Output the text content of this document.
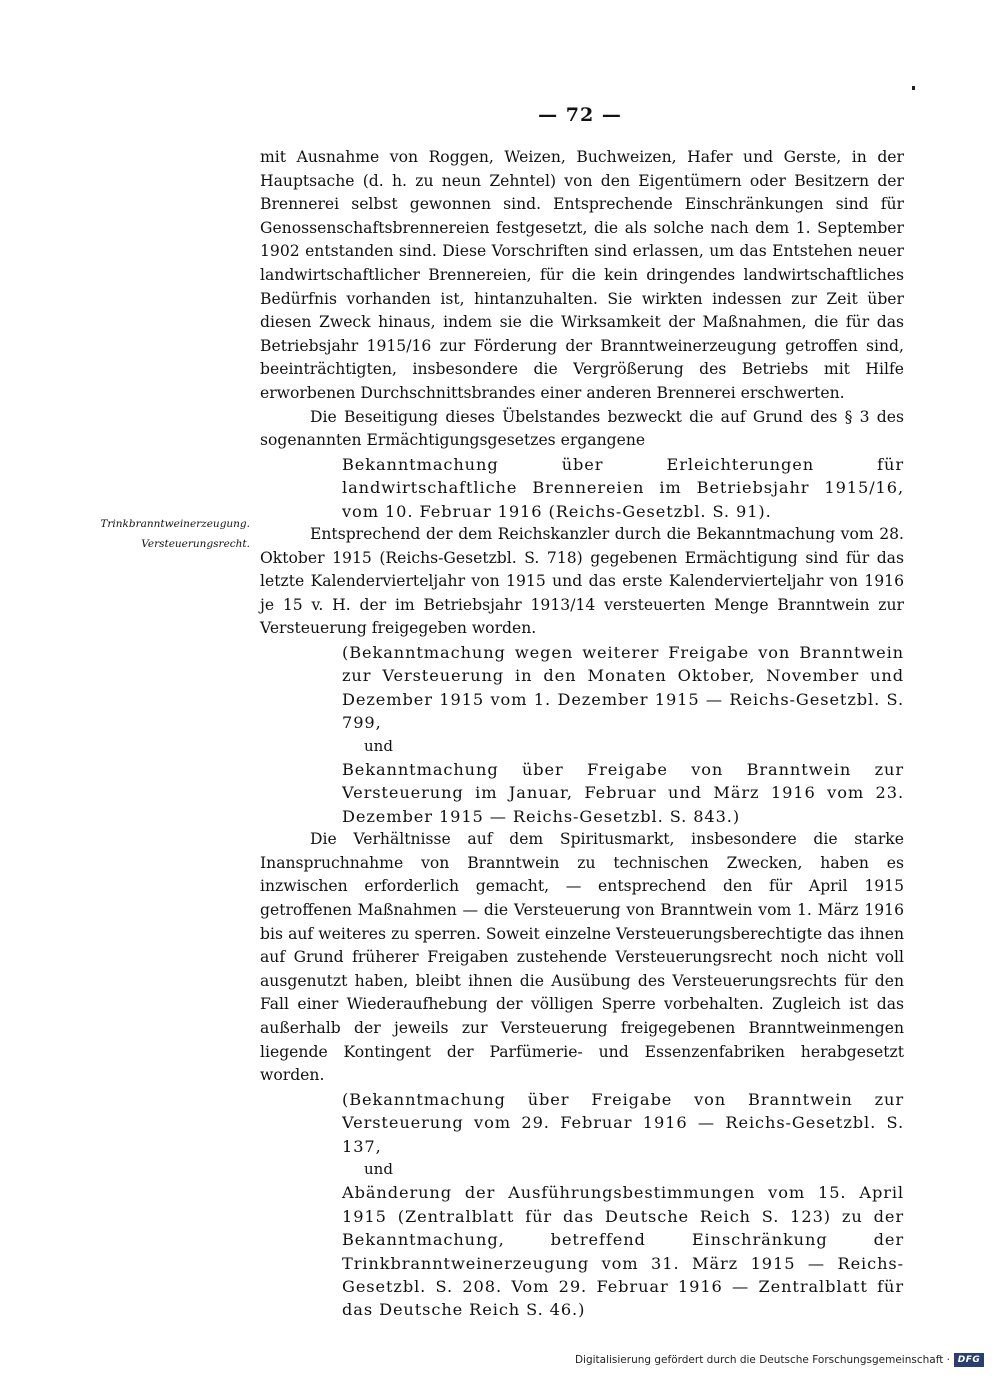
— 72 —
Trinkbranntweinerzeugung.
Versteuerungsrecht.

mit Ausnahme von Roggen, Weizen, Buchweizen, Hafer und Gerste, in der Hauptsache (d. h. zu neun Zehntel) von den Eigentümern oder Besitzern der Brennerei selbst gewonnen sind. Entsprechende Einschränkungen sind für Genossenschaftsbrennereien festgesetzt, die als solche nach dem 1. September 1902 entstanden sind. Diese Vorschriften sind erlassen, um das Entstehen neuer landwirtschaftlicher Brennereien, für die kein dringendes landwirtschaftliches Bedürfnis vorhanden ist, hintanzuhalten. Sie wirkten indessen zur Zeit über diesen Zweck hinaus, indem sie die Wirksamkeit der Maßnahmen, die für das Betriebsjahr 1915/16 zur Förderung der Branntweinerzeugung getroffen sind, beeinträchtigten, insbesondere die Vergrößerung des Betriebs mit Hilfe erworbenen Durchschnittsbrandes einer anderen Brennerei erschwerten.

Die Beseitigung dieses Übelstandes bezweckt die auf Grund des § 3 des sogenannten Ermächtigungsgesetzes ergangene

Bekanntmachung über Erleichterungen für landwirtschaftliche Brennereien im Betriebsjahr 1915/16, vom 10. Februar 1916 (Reichs-Gesetzbl. S. 91).

Entsprechend der dem Reichskanzler durch die Bekanntmachung vom 28. Oktober 1915 (Reichs-Gesetzbl. S. 718) gegebenen Ermächtigung sind für das letzte Kalendervierteljahr von 1915 und das erste Kalendervierteljahr von 1916 je 15 v. H. der im Betriebsjahr 1913/14 versteuerten Menge Branntwein zur Versteuerung freigegeben worden.

(Bekanntmachung wegen weiterer Freigabe von Branntwein zur Versteuerung in den Monaten Oktober, November und Dezember 1915 vom 1. Dezember 1915 — Reichs-Gesetzbl. S. 799,

und

Bekanntmachung über Freigabe von Branntwein zur Versteuerung im Januar, Februar und März 1916 vom 23. Dezember 1915 — Reichs-Gesetzbl. S. 843.)

Die Verhältnisse auf dem Spiritusmarkt, insbesondere die starke Inanspruchnahme von Branntwein zu technischen Zwecken, haben es inzwischen erforderlich gemacht, — entsprechend den für April 1915 getroffenen Maßnahmen — die Versteuerung von Branntwein vom 1. März 1916 bis auf weiteres zu sperren. Soweit einzelne Versteuerungsberechtigte das ihnen auf Grund früherer Freigaben zustehende Versteuerungsrecht noch nicht voll ausgenutzt haben, bleibt ihnen die Ausübung des Versteuerungsrechts für den Fall einer Wiederaufhebung der völligen Sperre vorbehalten. Zugleich ist das außerhalb der jeweils zur Versteuerung freigegebenen Branntweinmengen liegende Kontingent der Parfümerie- und Essenzenfabriken herabgesetzt worden.

(Bekanntmachung über Freigabe von Branntwein zur Versteuerung vom 29. Februar 1916 — Reichs-Gesetzbl. S. 137,

und

Abänderung der Ausführungsbestimmungen vom 15. April 1915 (Zentralblatt für das Deutsche Reich S. 123) zu der Bekanntmachung, betreffend Einschränkung der Trinkbranntweinerzeugung vom 31. März 1915 — Reichs-Gesetzbl. S. 208. Vom 29. Februar 1916 — Zentralblatt für das Deutsche Reich S. 46.)

Digitalisierung gefördert durch die Deutsche Forschungsgemeinschaft · DFG
